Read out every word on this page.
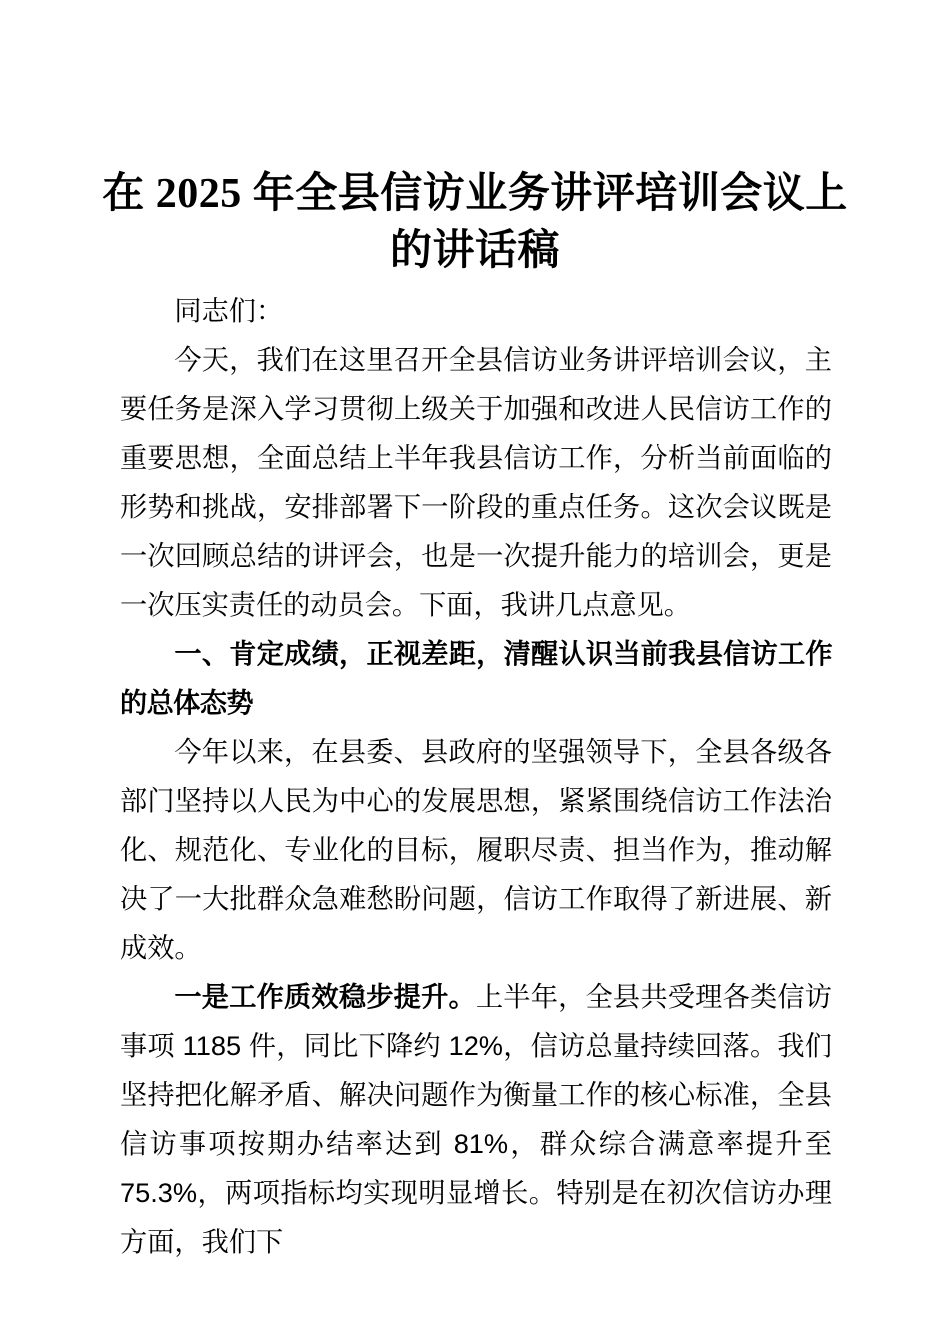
在 2025 年全县信访业务讲评培训会议上的讲话稿

同志们：

今天，我们在这里召开全县信访业务讲评培训会议，主要任务是深入学习贯彻上级关于加强和改进人民信访工作的重要思想，全面总结上半年我县信访工作，分析当前面临的形势和挑战，安排部署下一阶段的重点任务。这次会议既是一次回顾总结的讲评会，也是一次提升能力的培训会，更是一次压实责任的动员会。下面，我讲几点意见。

一、肯定成绩，正视差距，清醒认识当前我县信访工作的总体态势

今年以来，在县委、县政府的坚强领导下，全县各级各部门坚持以人民为中心的发展思想，紧紧围绕信访工作法治化、规范化、专业化的目标，履职尽责、担当作为，推动解决了一大批群众急难愁盼问题，信访工作取得了新进展、新成效。

一是工作质效稳步提升。上半年，全县共受理各类信访事项 1185 件，同比下降约 12%，信访总量持续回落。我们坚持把化解矛盾、解决问题作为衡量工作的核心标准，全县信访事项按期办结率达到 81%，群众综合满意率提升至 75.3%，两项指标均实现明显增长。特别是在初次信访办理方面，我们下
